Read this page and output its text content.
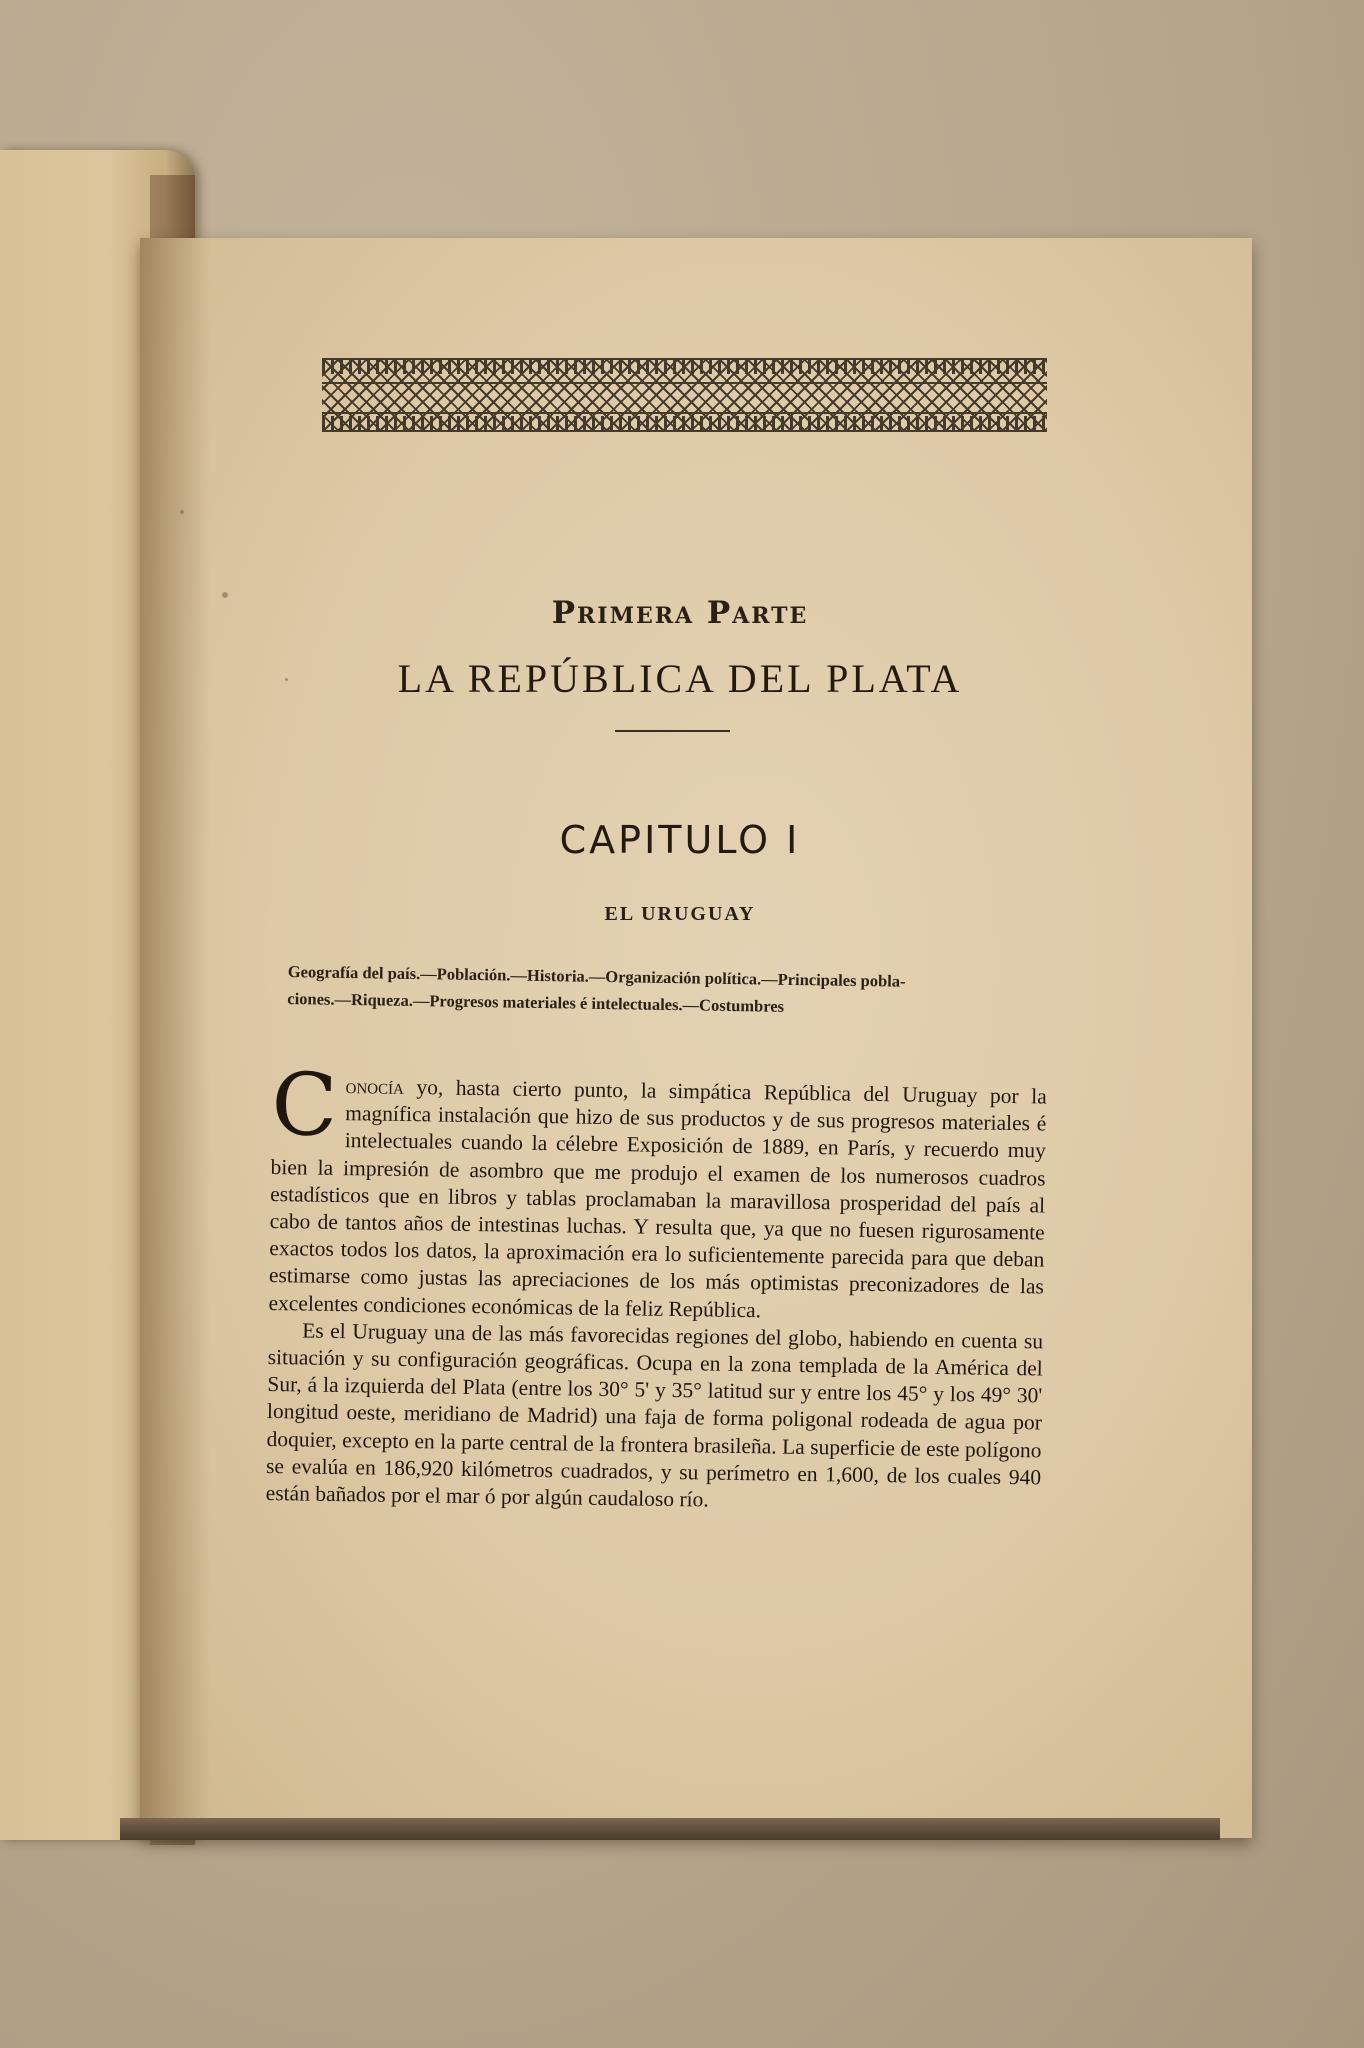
Primera Parte
LA REPÚBLICA DEL PLATA
CAPITULO I
EL URUGUAY

Geografía del país.—Población.—Historia.—Organización política.—Principales pobla-

ciones.—Riqueza.—Progresos materiales é intelectuales.—Costumbres

Conocía yo, hasta cierto punto, la simpática República del Uruguay por la magnífica instalación que hizo de sus productos y de sus progresos materiales é intelectuales cuando la célebre Exposición de 1889, en París, y recuerdo muy bien la impresión de asombro que me produjo el examen de los numerosos cuadros estadísticos que en libros y tablas proclamaban la maravillosa prosperidad del país al cabo de tantos años de intestinas luchas. Y resulta que, ya que no fuesen rigurosamente exactos todos los datos, la aproximación era lo suficientemente parecida para que deban estimarse como justas las apreciaciones de los más optimistas preconizadores de las excelentes condiciones económicas de la feliz República.

Es el Uruguay una de las más favorecidas regiones del globo, habiendo en cuenta su situación y su configuración geográficas. Ocupa en la zona templada de la América del Sur, á la izquierda del Plata (entre los 30° 5' y 35° latitud sur y entre los 45° y los 49° 30' longitud oeste, meridiano de Madrid) una faja de forma poligonal rodeada de agua por doquier, excepto en la parte central de la frontera brasileña. La superficie de este polígono se evalúa en 186,920 kilómetros cuadrados, y su perímetro en 1,600, de los cuales 940 están bañados por el mar ó por algún caudaloso río.
